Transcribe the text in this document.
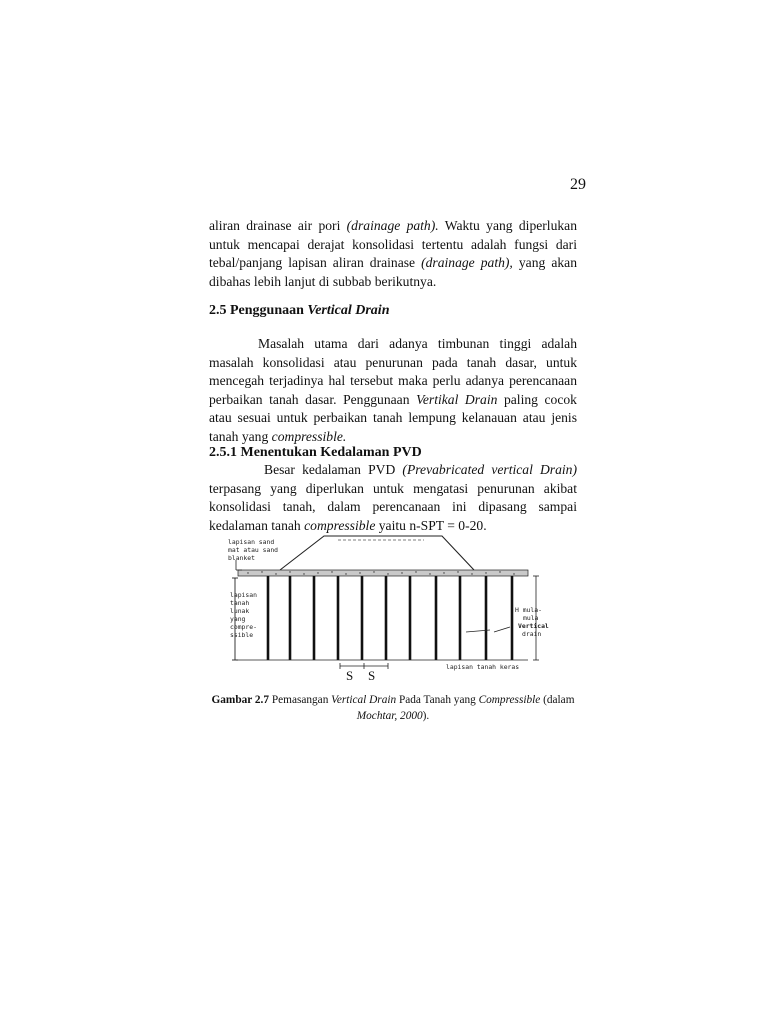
29

aliran drainase air pori (drainage path). Waktu yang diperlukan untuk mencapai derajat konsolidasi tertentu adalah fungsi dari tebal/panjang lapisan aliran drainase (drainage path), yang akan dibahas lebih lanjut di subbab berikutnya.

2.5 Penggunaan Vertical Drain

Masalah utama dari adanya timbunan tinggi adalah masalah konsolidasi atau penurunan pada tanah dasar, untuk mencegah terjadinya hal tersebut maka perlu adanya perencanaan perbaikan tanah dasar. Penggunaan Vertikal Drain paling cocok atau sesuai untuk perbaikan tanah lempung kelanauan atau jenis tanah yang compressible.

2.5.1 Menentukan Kedalaman PVD

Besar kedalaman PVD (Prevabricated vertical Drain) terpasang yang diperlukan untuk mengatasi penurunan akibat konsolidasi tanah, dalam perencanaan ini dipasang sampai kedalaman tanah compressible yaitu n-SPT = 0-20.

lapisan sand
mat atau sand
blanket
lapisan
tanah
lunak
yang
compre-
ssible
H mula-
mula
Vertical
drain
lapisan tanah keras
S S

Gambar 2.7 Pemasangan Vertical Drain Pada Tanah yang Compressible (dalam Mochtar, 2000).
